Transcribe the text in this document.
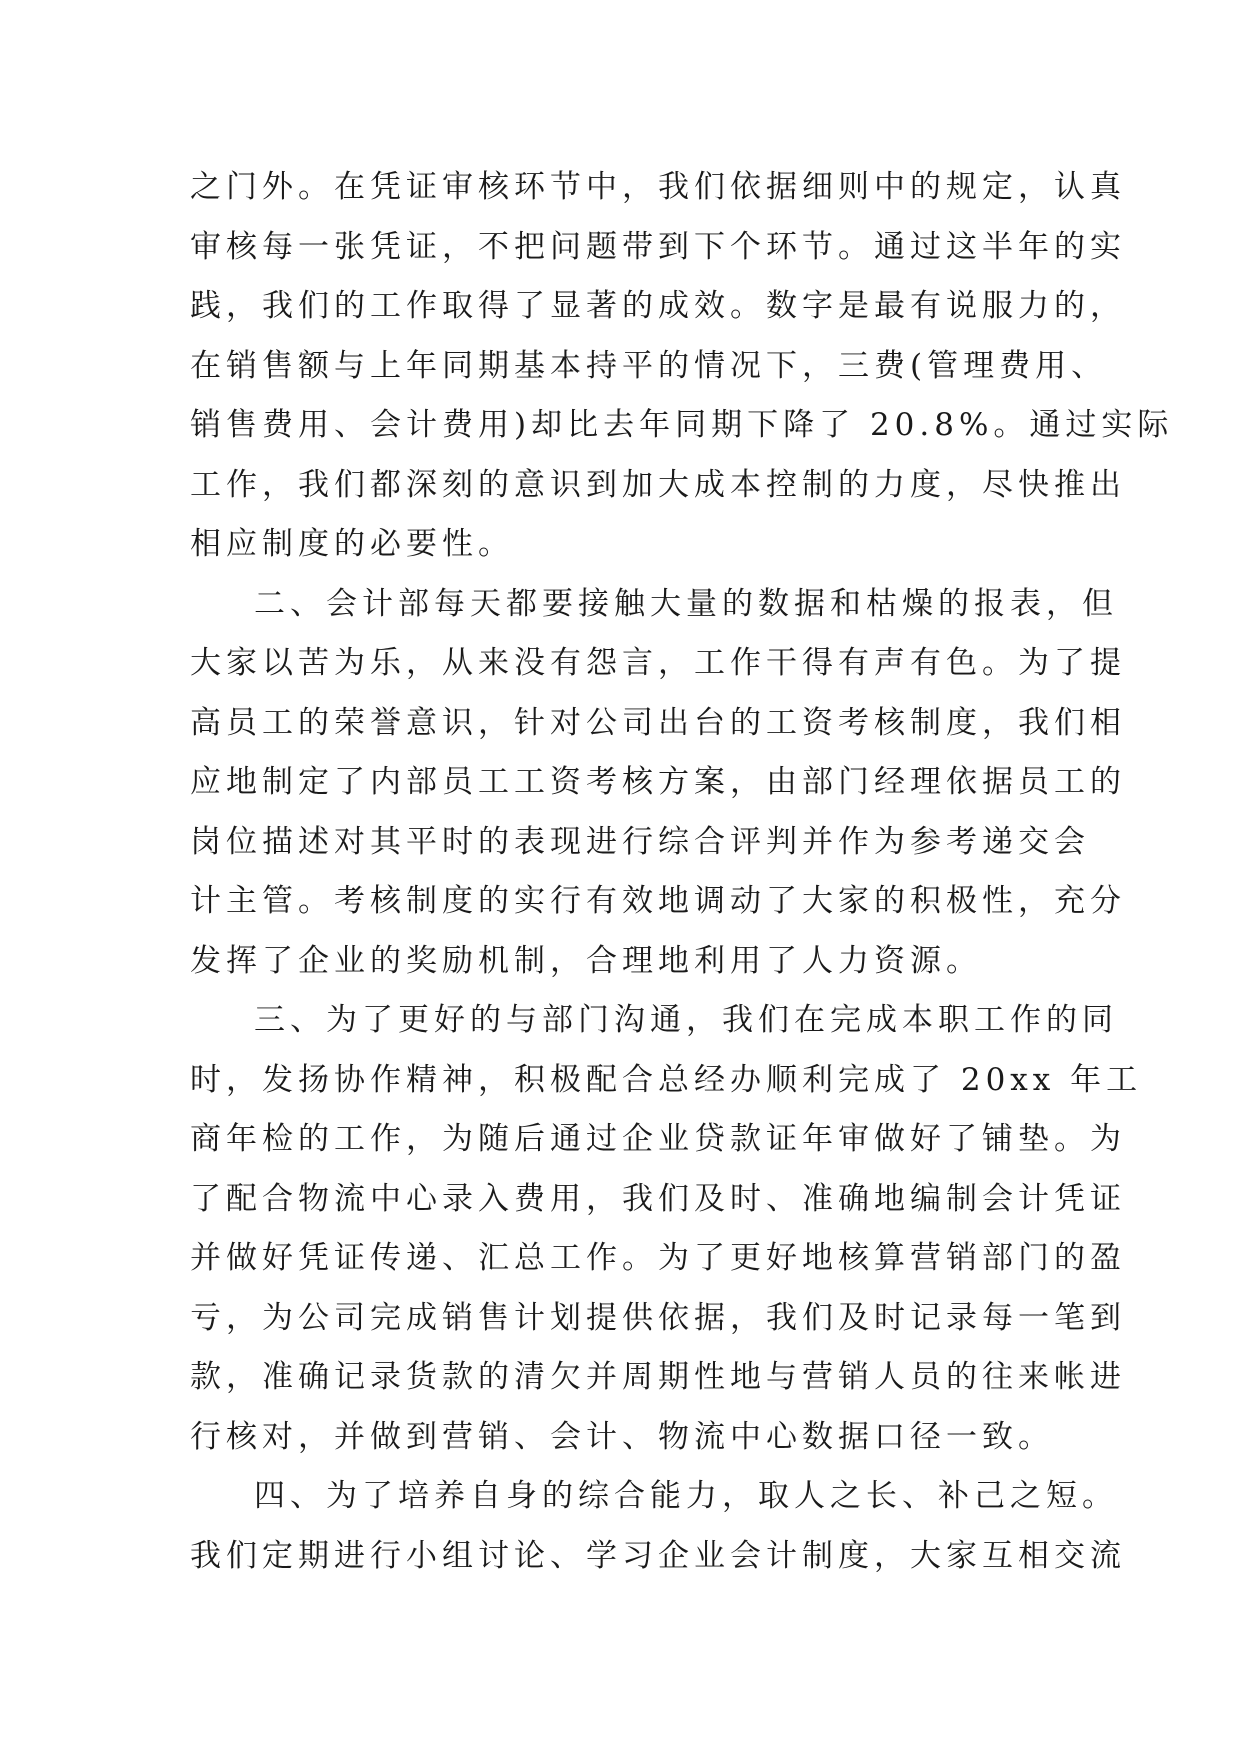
之门外。在凭证审核环节中，我们依据细则中的规定，认真
审核每一张凭证，不把问题带到下个环节。通过这半年的实
践，我们的工作取得了显著的成效。数字是最有说服力的，
在销售额与上年同期基本持平的情况下，三费(管理费用、
销售费用、会计费用)却比去年同期下降了 20.8%。通过实际
工作，我们都深刻的意识到加大成本控制的力度，尽快推出
相应制度的必要性。
二、会计部每天都要接触大量的数据和枯燥的报表，但
大家以苦为乐，从来没有怨言，工作干得有声有色。为了提
高员工的荣誉意识，针对公司出台的工资考核制度，我们相
应地制定了内部员工工资考核方案，由部门经理依据员工的
岗位描述对其平时的表现进行综合评判并作为参考递交会
计主管。考核制度的实行有效地调动了大家的积极性，充分
发挥了企业的奖励机制，合理地利用了人力资源。
三、为了更好的与部门沟通，我们在完成本职工作的同
时，发扬协作精神，积极配合总经办顺利完成了 20xx 年工
商年检的工作，为随后通过企业贷款证年审做好了铺垫。为
了配合物流中心录入费用，我们及时、准确地编制会计凭证
并做好凭证传递、汇总工作。为了更好地核算营销部门的盈
亏，为公司完成销售计划提供依据，我们及时记录每一笔到
款，准确记录货款的清欠并周期性地与营销人员的往来帐进
行核对，并做到营销、会计、物流中心数据口径一致。
四、为了培养自身的综合能力，取人之长、补己之短。
我们定期进行小组讨论、学习企业会计制度，大家互相交流
